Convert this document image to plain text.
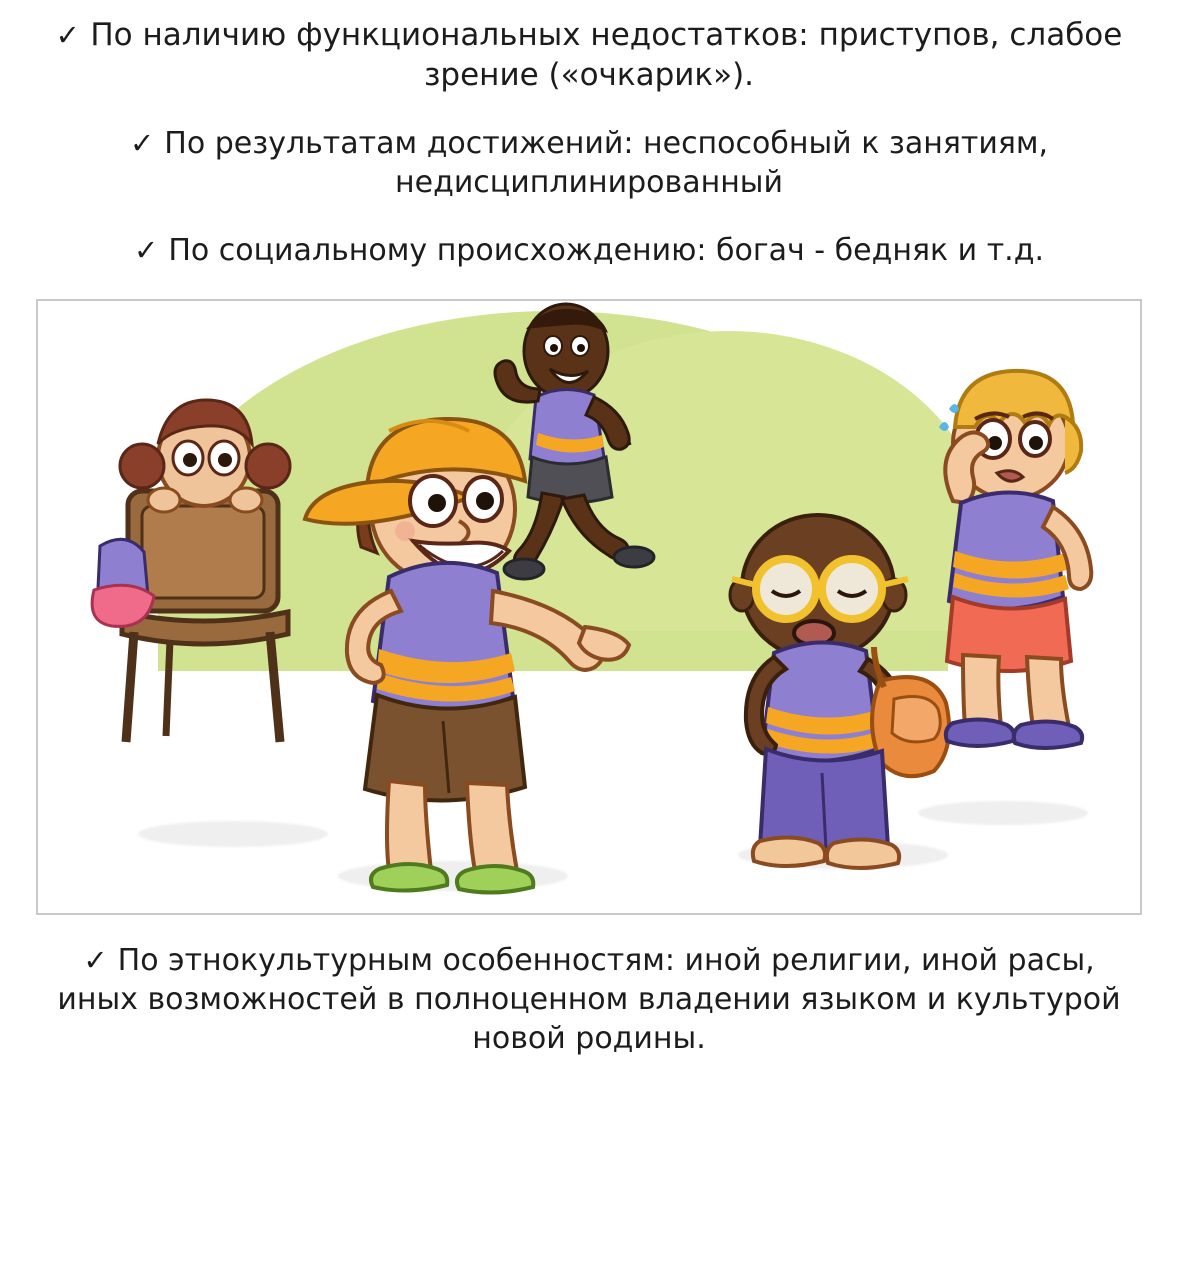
✓ По наличию функциональных недостатков: приступов, слабое зрение («очкарик»).
✓ По результатам достижений: неспособный к занятиям, недисциплинированный
✓ По социальному происхождению: богач - бедняк и т.д.
✓ По этнокультурным особенностям: иной религии, иной расы, иных возможностей в полноценном владении языком и культурой новой родины.
